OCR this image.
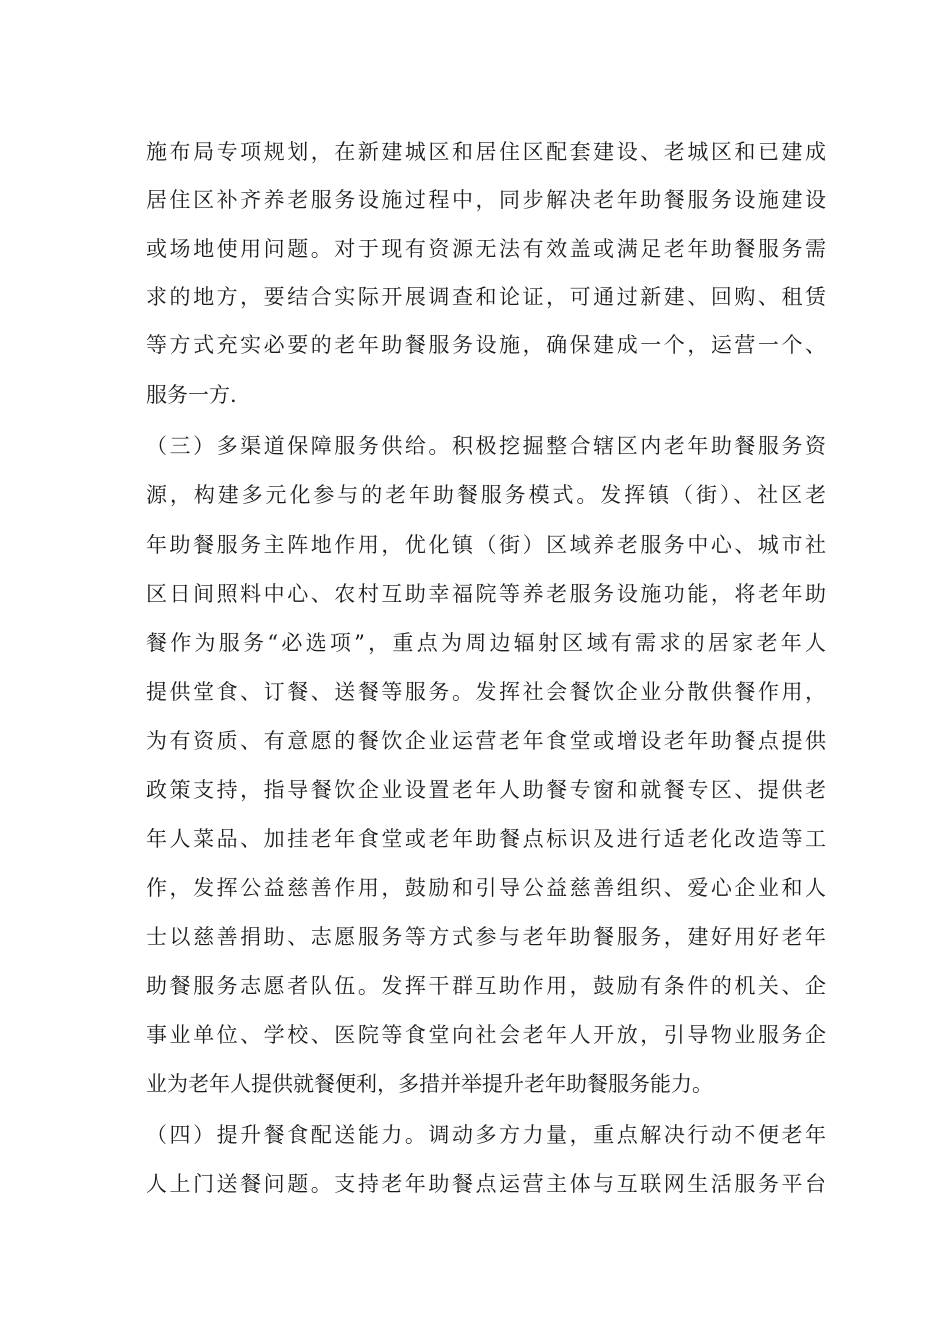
施布局专项规划，在新建城区和居住区配套建设、老城区和已建成
居住区补齐养老服务设施过程中，同步解决老年助餐服务设施建设
或场地使用问题。对于现有资源无法有效盖或满足老年助餐服务需
求的地方，要结合实际开展调查和论证，可通过新建、回购、租赁
等方式充实必要的老年助餐服务设施，确保建成一个，运营一个、
服务一方.
（三）多渠道保障服务供给。积极挖掘整合辖区内老年助餐服务资
源，构建多元化参与的老年助餐服务模式。发挥镇（街）、社区老
年助餐服务主阵地作用，优化镇（街）区域养老服务中心、城市社
区日间照料中心、农村互助幸福院等养老服务设施功能，将老年助
餐作为服务“必选项”，重点为周边辐射区域有需求的居家老年人
提供堂食、订餐、送餐等服务。发挥社会餐饮企业分散供餐作用，
为有资质、有意愿的餐饮企业运营老年食堂或增设老年助餐点提供
政策支持，指导餐饮企业设置老年人助餐专窗和就餐专区、提供老
年人菜品、加挂老年食堂或老年助餐点标识及进行适老化改造等工
作，发挥公益慈善作用，鼓励和引导公益慈善组织、爱心企业和人
士以慈善捐助、志愿服务等方式参与老年助餐服务，建好用好老年
助餐服务志愿者队伍。发挥干群互助作用，鼓励有条件的机关、企
事业单位、学校、医院等食堂向社会老年人开放，引导物业服务企
业为老年人提供就餐便利，多措并举提升老年助餐服务能力。
（四）提升餐食配送能力。调动多方力量，重点解决行动不便老年
人上门送餐问题。支持老年助餐点运营主体与互联网生活服务平台
